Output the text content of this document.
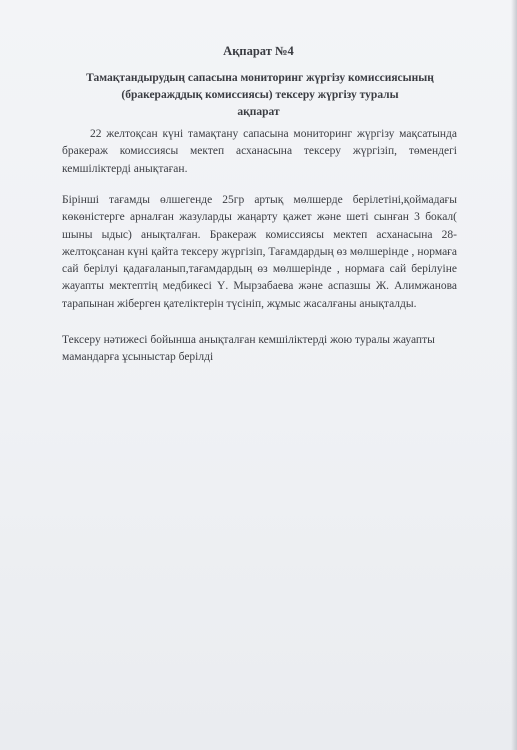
Ақпарат №4
Тамақтандырудың сапасына мониторинг жүргізу комиссиясының (бракеражддық комиссиясы) тексеру жүргізу туралы
ақпарат
22 желтоқсан күні тамақтану сапасына мониторинг жүргізу мақсатында бракераж комиссиясы мектеп асханасына тексеру жүргізіп, төмендегі кемшіліктерді анықтаған.
Бірінші тағамды өлшегенде 25гр артық мөлшерде берілетіні,қоймадағы көкөністерге арналған жазуларды жаңарту қажет және шеті сынған 3 бокал( шыны ыдыс) анықталған. Бракераж комиссиясы мектеп асханасына 28-желтоқсанан күні қайта тексеру жүргізіп, Тағамдардың өз мөлшерінде , нормаға сай берілуі қадағаланып,тағамдардың өз мөлшерінде , нормаға сай берілуіне жауапты мектептің медбикесі Ү. Мырзабаева және аспазшы Ж. Алимжанова тарапынан жіберген қателіктерін түсініп, жұмыс жасалғаны анықталды.
Тексеру нәтижесі бойынша анықталған кемшіліктерді жою туралы жауапты мамандарға ұсыныстар берілді
